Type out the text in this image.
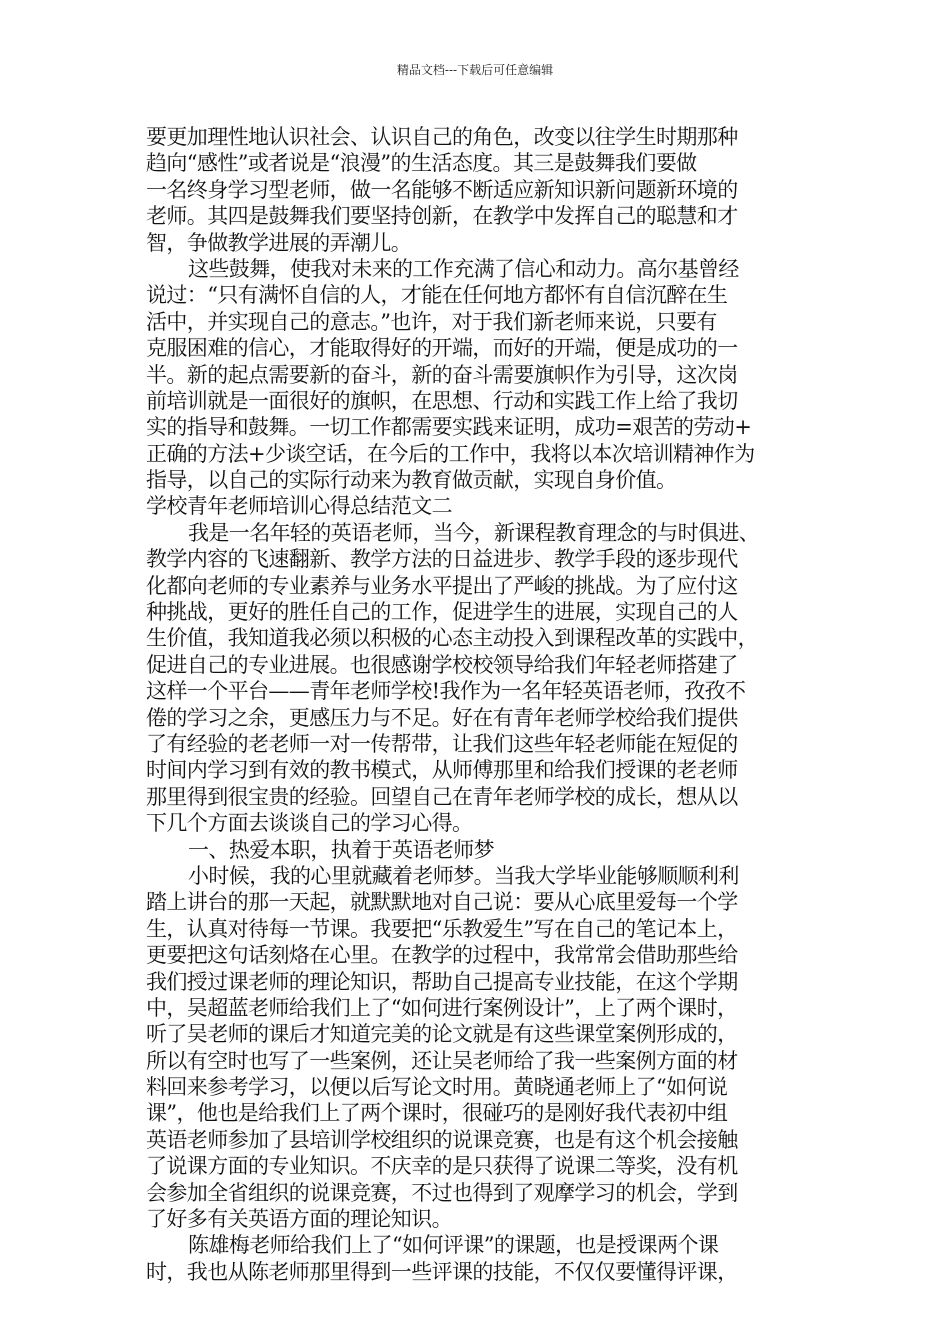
精品文档---下载后可任意编辑
要更加理性地认识社会、认识自己的角色，改变以往学生时期那种
趋向“感性”或者说是“浪漫”的生活态度。其三是鼓舞我们要做
一名终身学习型老师，做一名能够不断适应新知识新问题新环境的
老师。其四是鼓舞我们要坚持创新，在教学中发挥自己的聪慧和才
智，争做教学进展的弄潮儿。
这些鼓舞，使我对未来的工作充满了信心和动力。高尔基曾经
说过：“只有满怀自信的人，才能在任何地方都怀有自信沉醉在生
活中，并实现自己的意志。”也许，对于我们新老师来说，只要有
克服困难的信心，才能取得好的开端，而好的开端，便是成功的一
半。新的起点需要新的奋斗，新的奋斗需要旗帜作为引导，这次岗
前培训就是一面很好的旗帜，在思想、行动和实践工作上给了我切
实的指导和鼓舞。一切工作都需要实践来证明，成功=艰苦的劳动+
正确的方法+少谈空话，在今后的工作中，我将以本次培训精神作为
指导，以自己的实际行动来为教育做贡献，实现自身价值。
学校青年老师培训心得总结范文二
我是一名年轻的英语老师，当今，新课程教育理念的与时俱进、
教学内容的飞速翻新、教学方法的日益进步、教学手段的逐步现代
化都向老师的专业素养与业务水平提出了严峻的挑战。为了应付这
种挑战，更好的胜任自己的工作，促进学生的进展，实现自己的人
生价值，我知道我必须以积极的心态主动投入到课程改革的实践中，
促进自己的专业进展。也很感谢学校校领导给我们年轻老师搭建了
这样一个平台——青年老师学校!我作为一名年轻英语老师，孜孜不
倦的学习之余，更感压力与不足。好在有青年老师学校给我们提供
了有经验的老老师一对一传帮带，让我们这些年轻老师能在短促的
时间内学习到有效的教书模式，从师傅那里和给我们授课的老老师
那里得到很宝贵的经验。回望自己在青年老师学校的成长，想从以
下几个方面去谈谈自己的学习心得。
一、热爱本职，执着于英语老师梦
小时候，我的心里就藏着老师梦。当我大学毕业能够顺顺利利
踏上讲台的那一天起，就默默地对自己说：要从心底里爱每一个学
生，认真对待每一节课。我要把“乐教爱生”写在自己的笔记本上，
更要把这句话刻烙在心里。在教学的过程中，我常常会借助那些给
我们授过课老师的理论知识，帮助自己提高专业技能，在这个学期
中，吴超蓝老师给我们上了“如何进行案例设计”，上了两个课时，
听了吴老师的课后才知道完美的论文就是有这些课堂案例形成的，
所以有空时也写了一些案例，还让吴老师给了我一些案例方面的材
料回来参考学习，以便以后写论文时用。黄晓通老师上了“如何说
课”，他也是给我们上了两个课时，很碰巧的是刚好我代表初中组
英语老师参加了县培训学校组织的说课竞赛，也是有这个机会接触
了说课方面的专业知识。不庆幸的是只获得了说课二等奖，没有机
会参加全省组织的说课竞赛，不过也得到了观摩学习的机会，学到
了好多有关英语方面的理论知识。
陈雄梅老师给我们上了“如何评课”的课题，也是授课两个课
时，我也从陈老师那里得到一些评课的技能，不仅仅要懂得评课，
